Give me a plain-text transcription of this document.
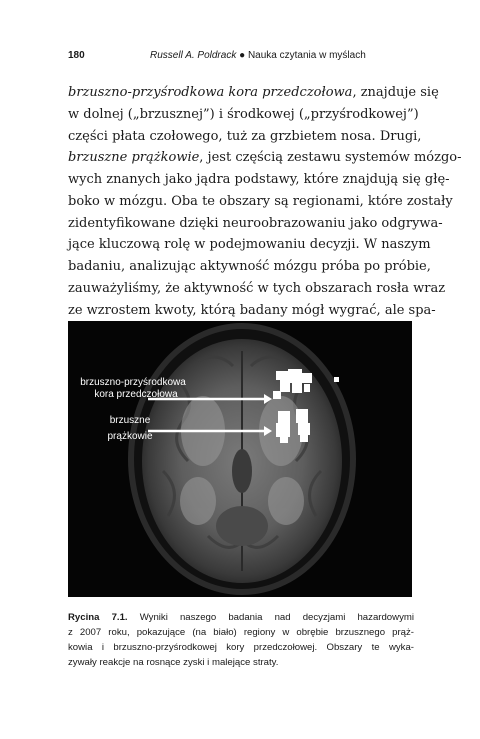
180	Russell A. Poldrack ● Nauka czytania w myślach
brzuszno-przyśrodkowa kora przedczołowa, znajduje się
w dolnej („brzusznej”) i środkowej („przyśrodkowej”)
części płata czołowego, tuż za grzbietem nosa. Drugi,
brzuszne prążkowie, jest częścią zestawu systemów mózgo-
wych znanych jako jądra podstawy, które znajdują się głę-
boko w mózgu. Oba te obszary są regionami, które zostały
zidentyfikowane dzięki neuroobrazowaniu jako odgrywa-
jące kluczową rolę w podejmowaniu decyzji. W naszym
badaniu, analizując aktywność mózgu próba po próbie,
zauważyliśmy, że aktywność w tych obszarach rosła wraz
ze wzrostem kwoty, którą badany mógł wygrać, ale spa-
brzuszno-przyśrodkowa
kora przedczołowa
brzuszne
prążkowie
Rycina 7.1. Wyniki naszego badania nad decyzjami hazardowymi
z 2007 roku, pokazujące (na biało) regiony w obrębie brzusznego prąż-
kowia i brzuszno-przyśrodkowej kory przedczołowej. Obszary te wyka-
zywały reakcje na rosnące zyski i malejące straty.
